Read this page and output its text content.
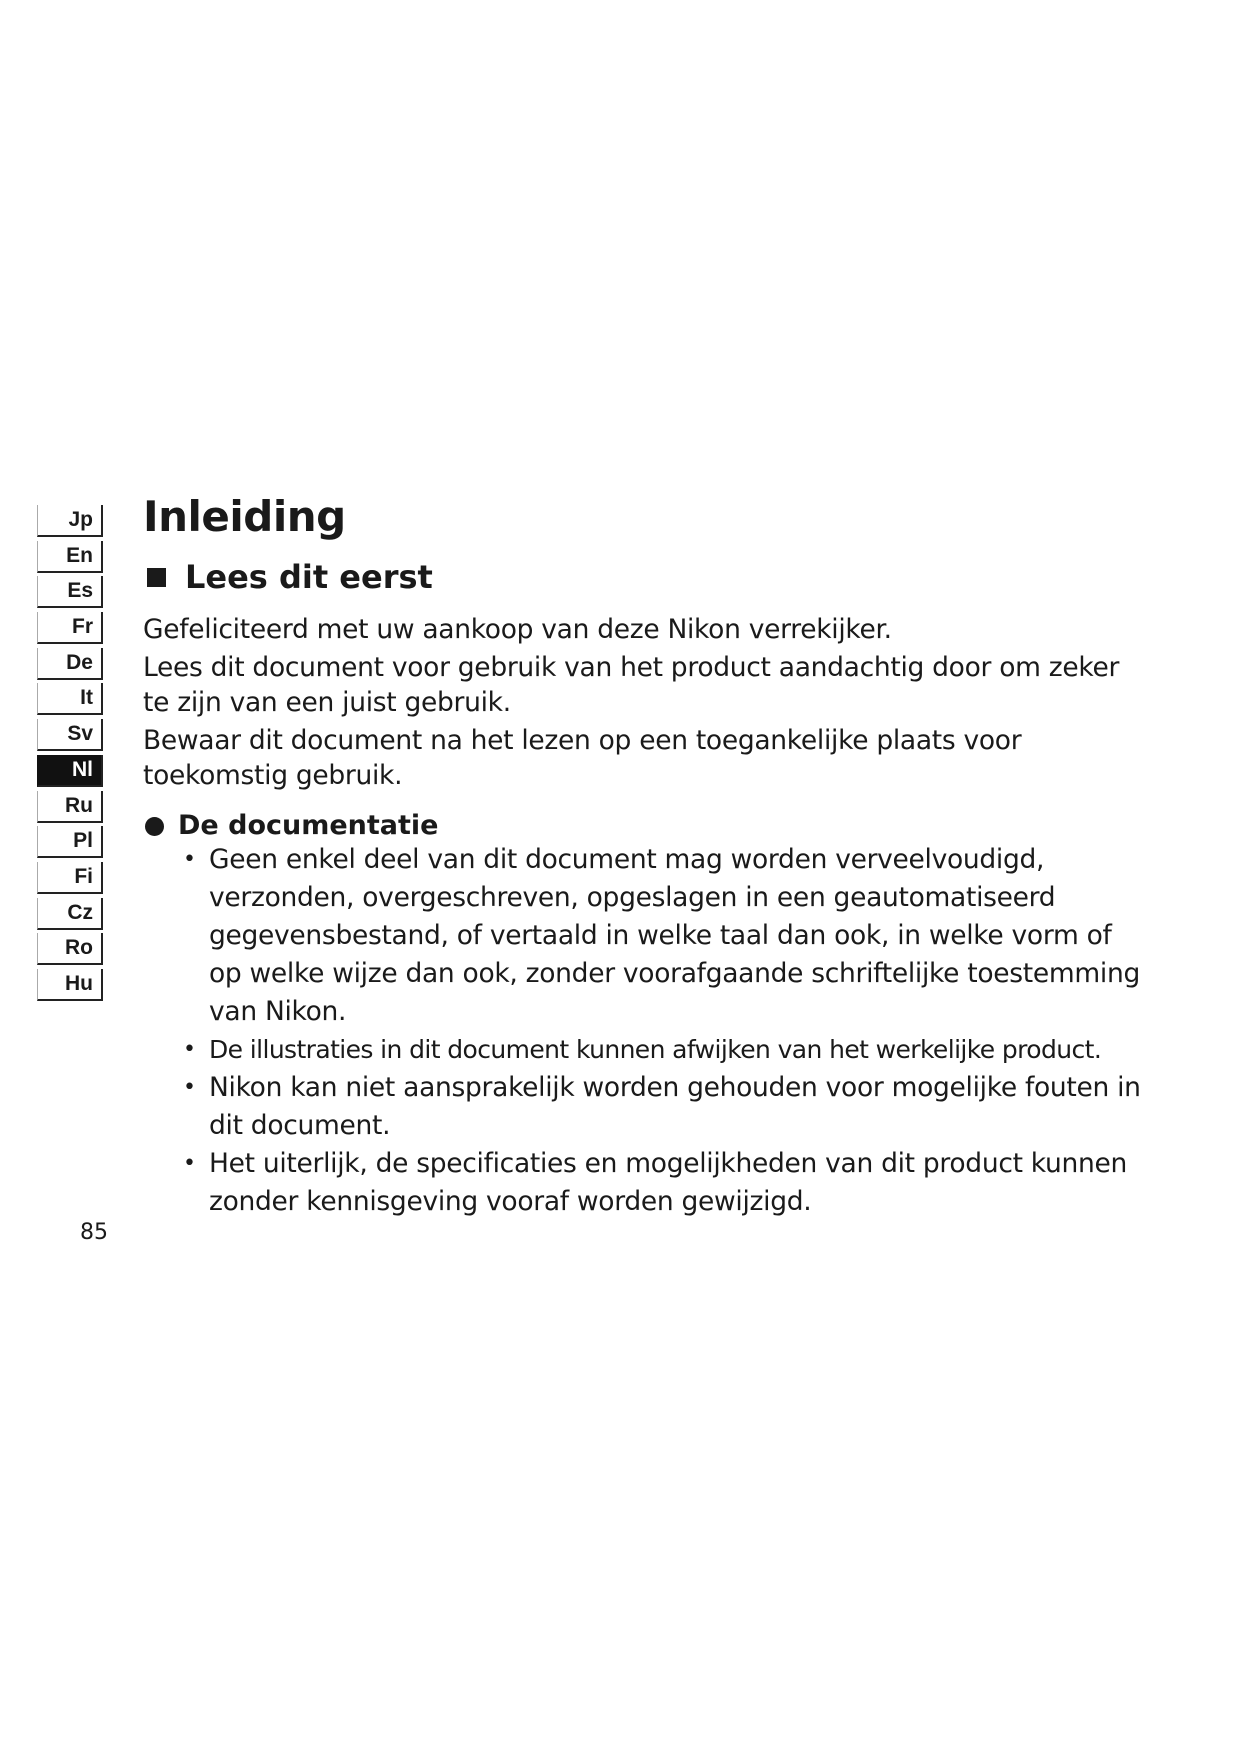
Jp
En
Es
Fr
De
It
Sv
Nl
Ru
Pl
Fi
Cz
Ro
Hu
Inleiding
Lees dit eerst

Gefeliciteerd met uw aankoop van deze Nikon verrekijker.

Lees dit document voor gebruik van het product aandachtig door om zeker te zijn van een juist gebruik.

Bewaar dit document na het lezen op een toegankelijke plaats voor toekomstig gebruik.

De documentatie
• Geen enkel deel van dit document mag worden verveelvoudigd, verzonden, overgeschreven, opgeslagen in een geautomatiseerd gegevensbestand, of vertaald in welke taal dan ook, in welke vorm of op welke wijze dan ook, zonder voorafgaande schriftelijke toestemming van Nikon.
• De illustraties in dit document kunnen afwijken van het werkelijke product.
• Nikon kan niet aansprakelijk worden gehouden voor mogelijke fouten in dit document.
• Het uiterlijk, de specificaties en mogelijkheden van dit product kunnen zonder kennisgeving vooraf worden gewijzigd.
85
